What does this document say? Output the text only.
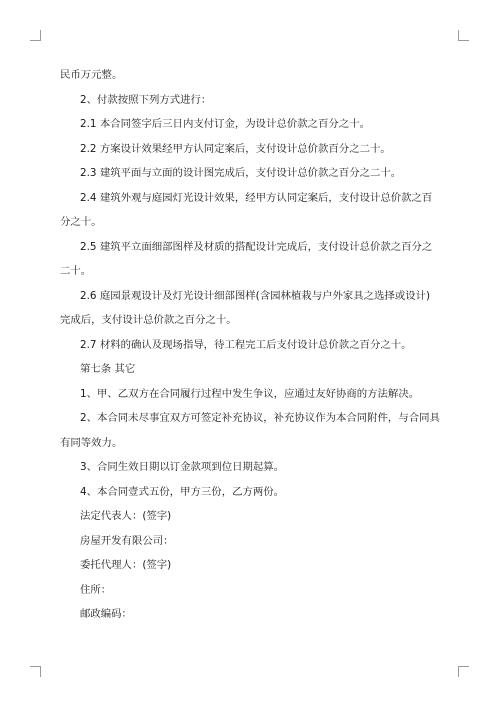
民币万元整。

2、付款按照下列方式进行：

2.1 本合同签字后三日内支付订金，为设计总价款之百分之十。

2.2 方案设计效果经甲方认同定案后，支付设计总价款百分之二十。

2.3 建筑平面与立面的设计图完成后，支付设计总价款之百分之二十。

2.4 建筑外观与庭园灯光设计效果，经甲方认同定案后，支付设计总价款之百分之十。

2.5 建筑平立面细部图样及材质的搭配设计完成后，支付设计总价款之百分之二十。

2.6 庭园景观设计及灯光设计细部图样(含园林植栽与户外家具之选择或设计)完成后，支付设计总价款之百分之十。

2.7 材料的确认及现场指导，待工程完工后支付设计总价款之百分之十。

第七条 其它

1、甲、乙双方在合同履行过程中发生争议，应通过友好协商的方法解决。

2、本合同未尽事宜双方可签定补充协议，补充协议作为本合同附件，与合同具有同等效力。

3、合同生效日期以订金款项到位日期起算。

4、本合同壹式五份，甲方三份，乙方两份。

法定代表人：(签字)

房屋开发有限公司：

委托代理人：(签字)

住所：

邮政编码：
